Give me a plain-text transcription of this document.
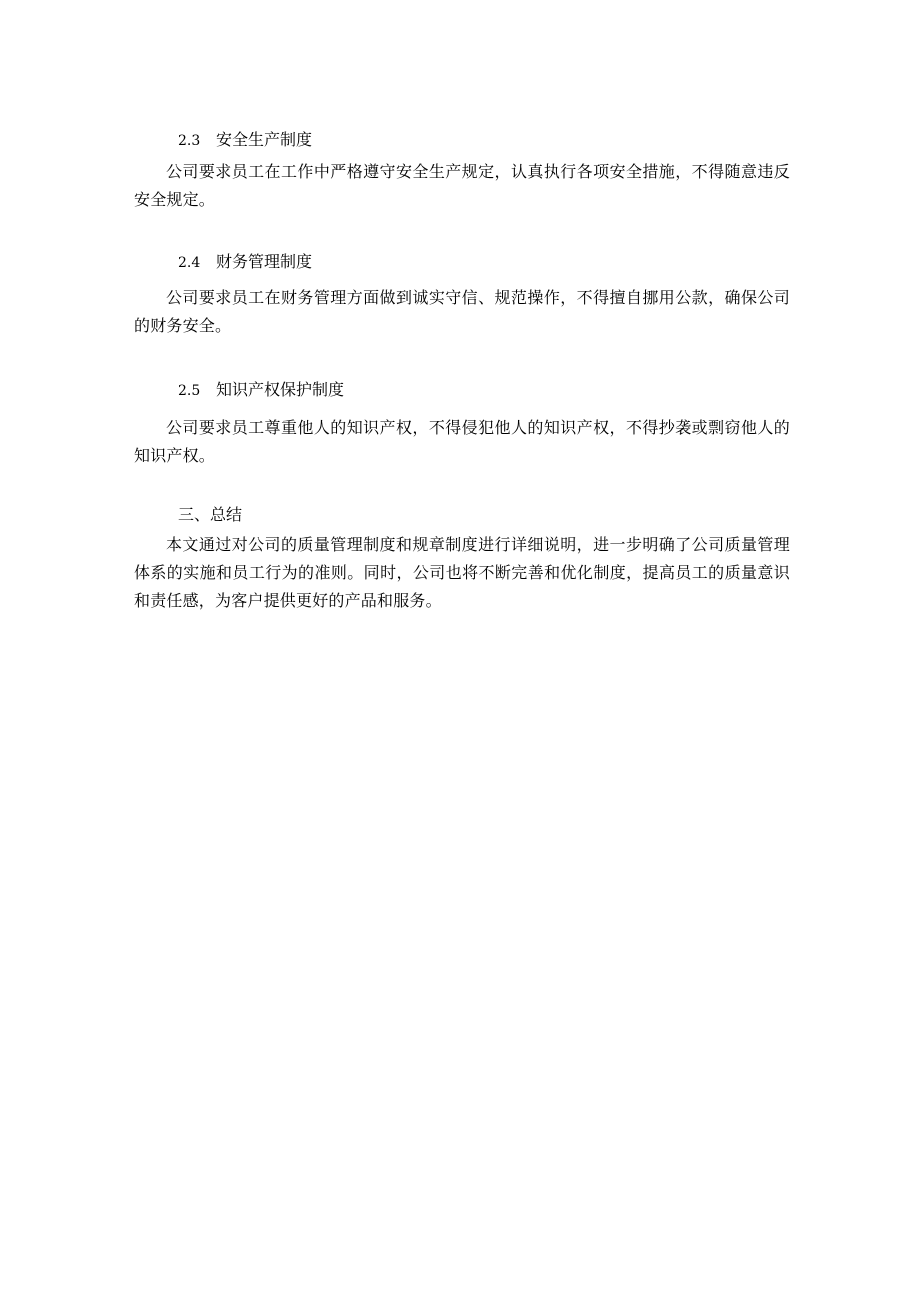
2.3 安全生产制度

公司要求员工在工作中严格遵守安全生产规定，认真执行各项安全措施，不得随意违反安全规定。

2.4 财务管理制度

公司要求员工在财务管理方面做到诚实守信、规范操作，不得擅自挪用公款，确保公司的财务安全。

2.5 知识产权保护制度

公司要求员工尊重他人的知识产权，不得侵犯他人的知识产权，不得抄袭或剽窃他人的知识产权。

三、总结

本文通过对公司的质量管理制度和规章制度进行详细说明，进一步明确了公司质量管理体系的实施和员工行为的准则。同时，公司也将不断完善和优化制度，提高员工的质量意识和责任感，为客户提供更好的产品和服务。
